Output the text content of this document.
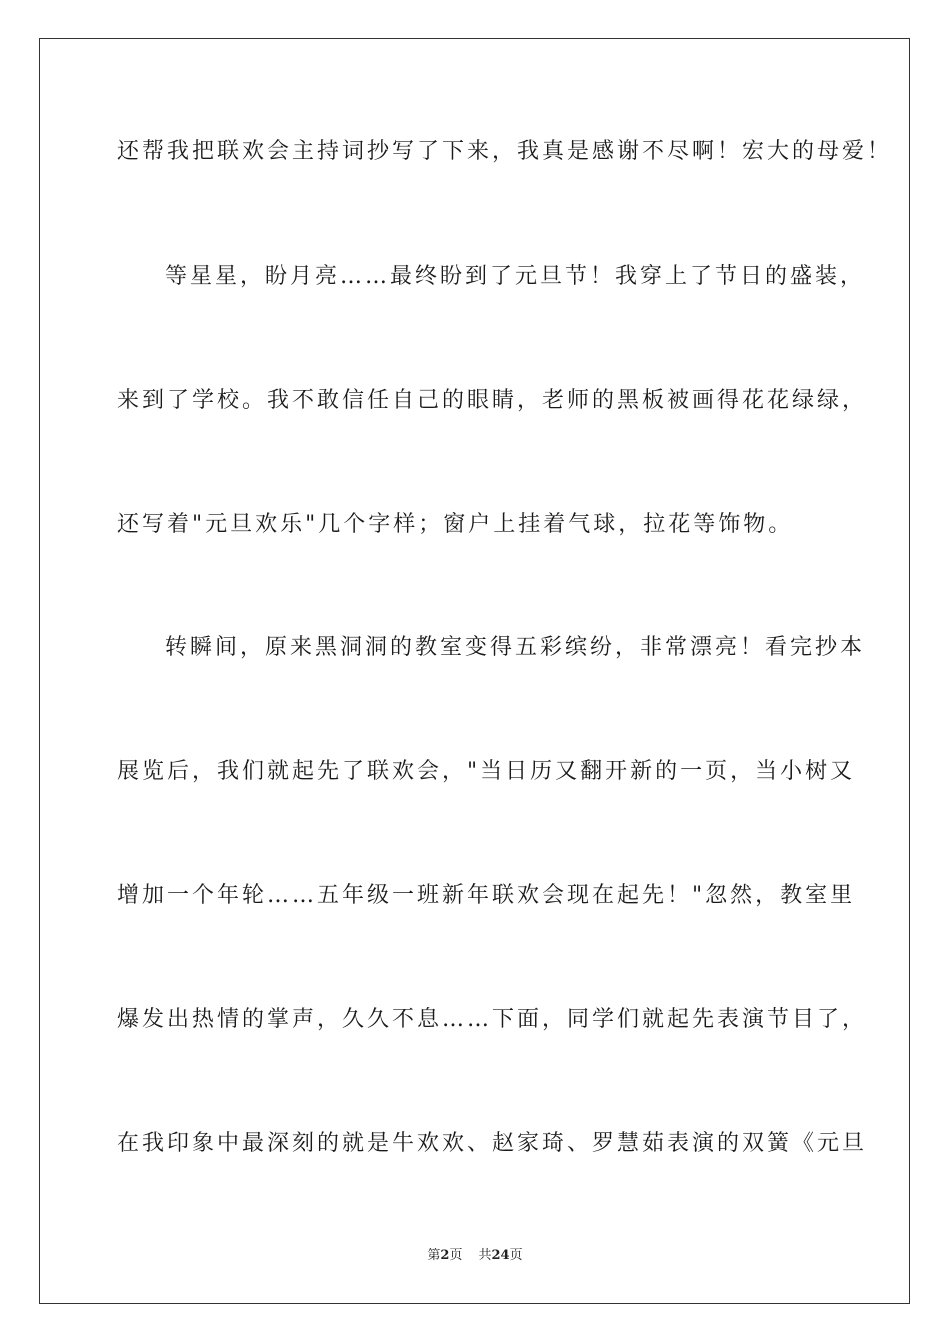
还帮我把联欢会主持词抄写了下来，我真是感谢不尽啊！宏大的母爱！
等星星，盼月亮……最终盼到了元旦节！我穿上了节日的盛装，
来到了学校。我不敢信任自己的眼睛，老师的黑板被画得花花绿绿，
还写着"元旦欢乐"几个字样；窗户上挂着气球，拉花等饰物。
转瞬间，原来黑洞洞的教室变得五彩缤纷，非常漂亮！看完抄本
展览后，我们就起先了联欢会，"当日历又翻开新的一页，当小树又
增加一个年轮……五年级一班新年联欢会现在起先！"忽然，教室里
爆发出热情的掌声，久久不息……下面，同学们就起先表演节目了，
在我印象中最深刻的就是牛欢欢、赵家琦、罗慧茹表演的双簧《元旦
第2页 共24页
